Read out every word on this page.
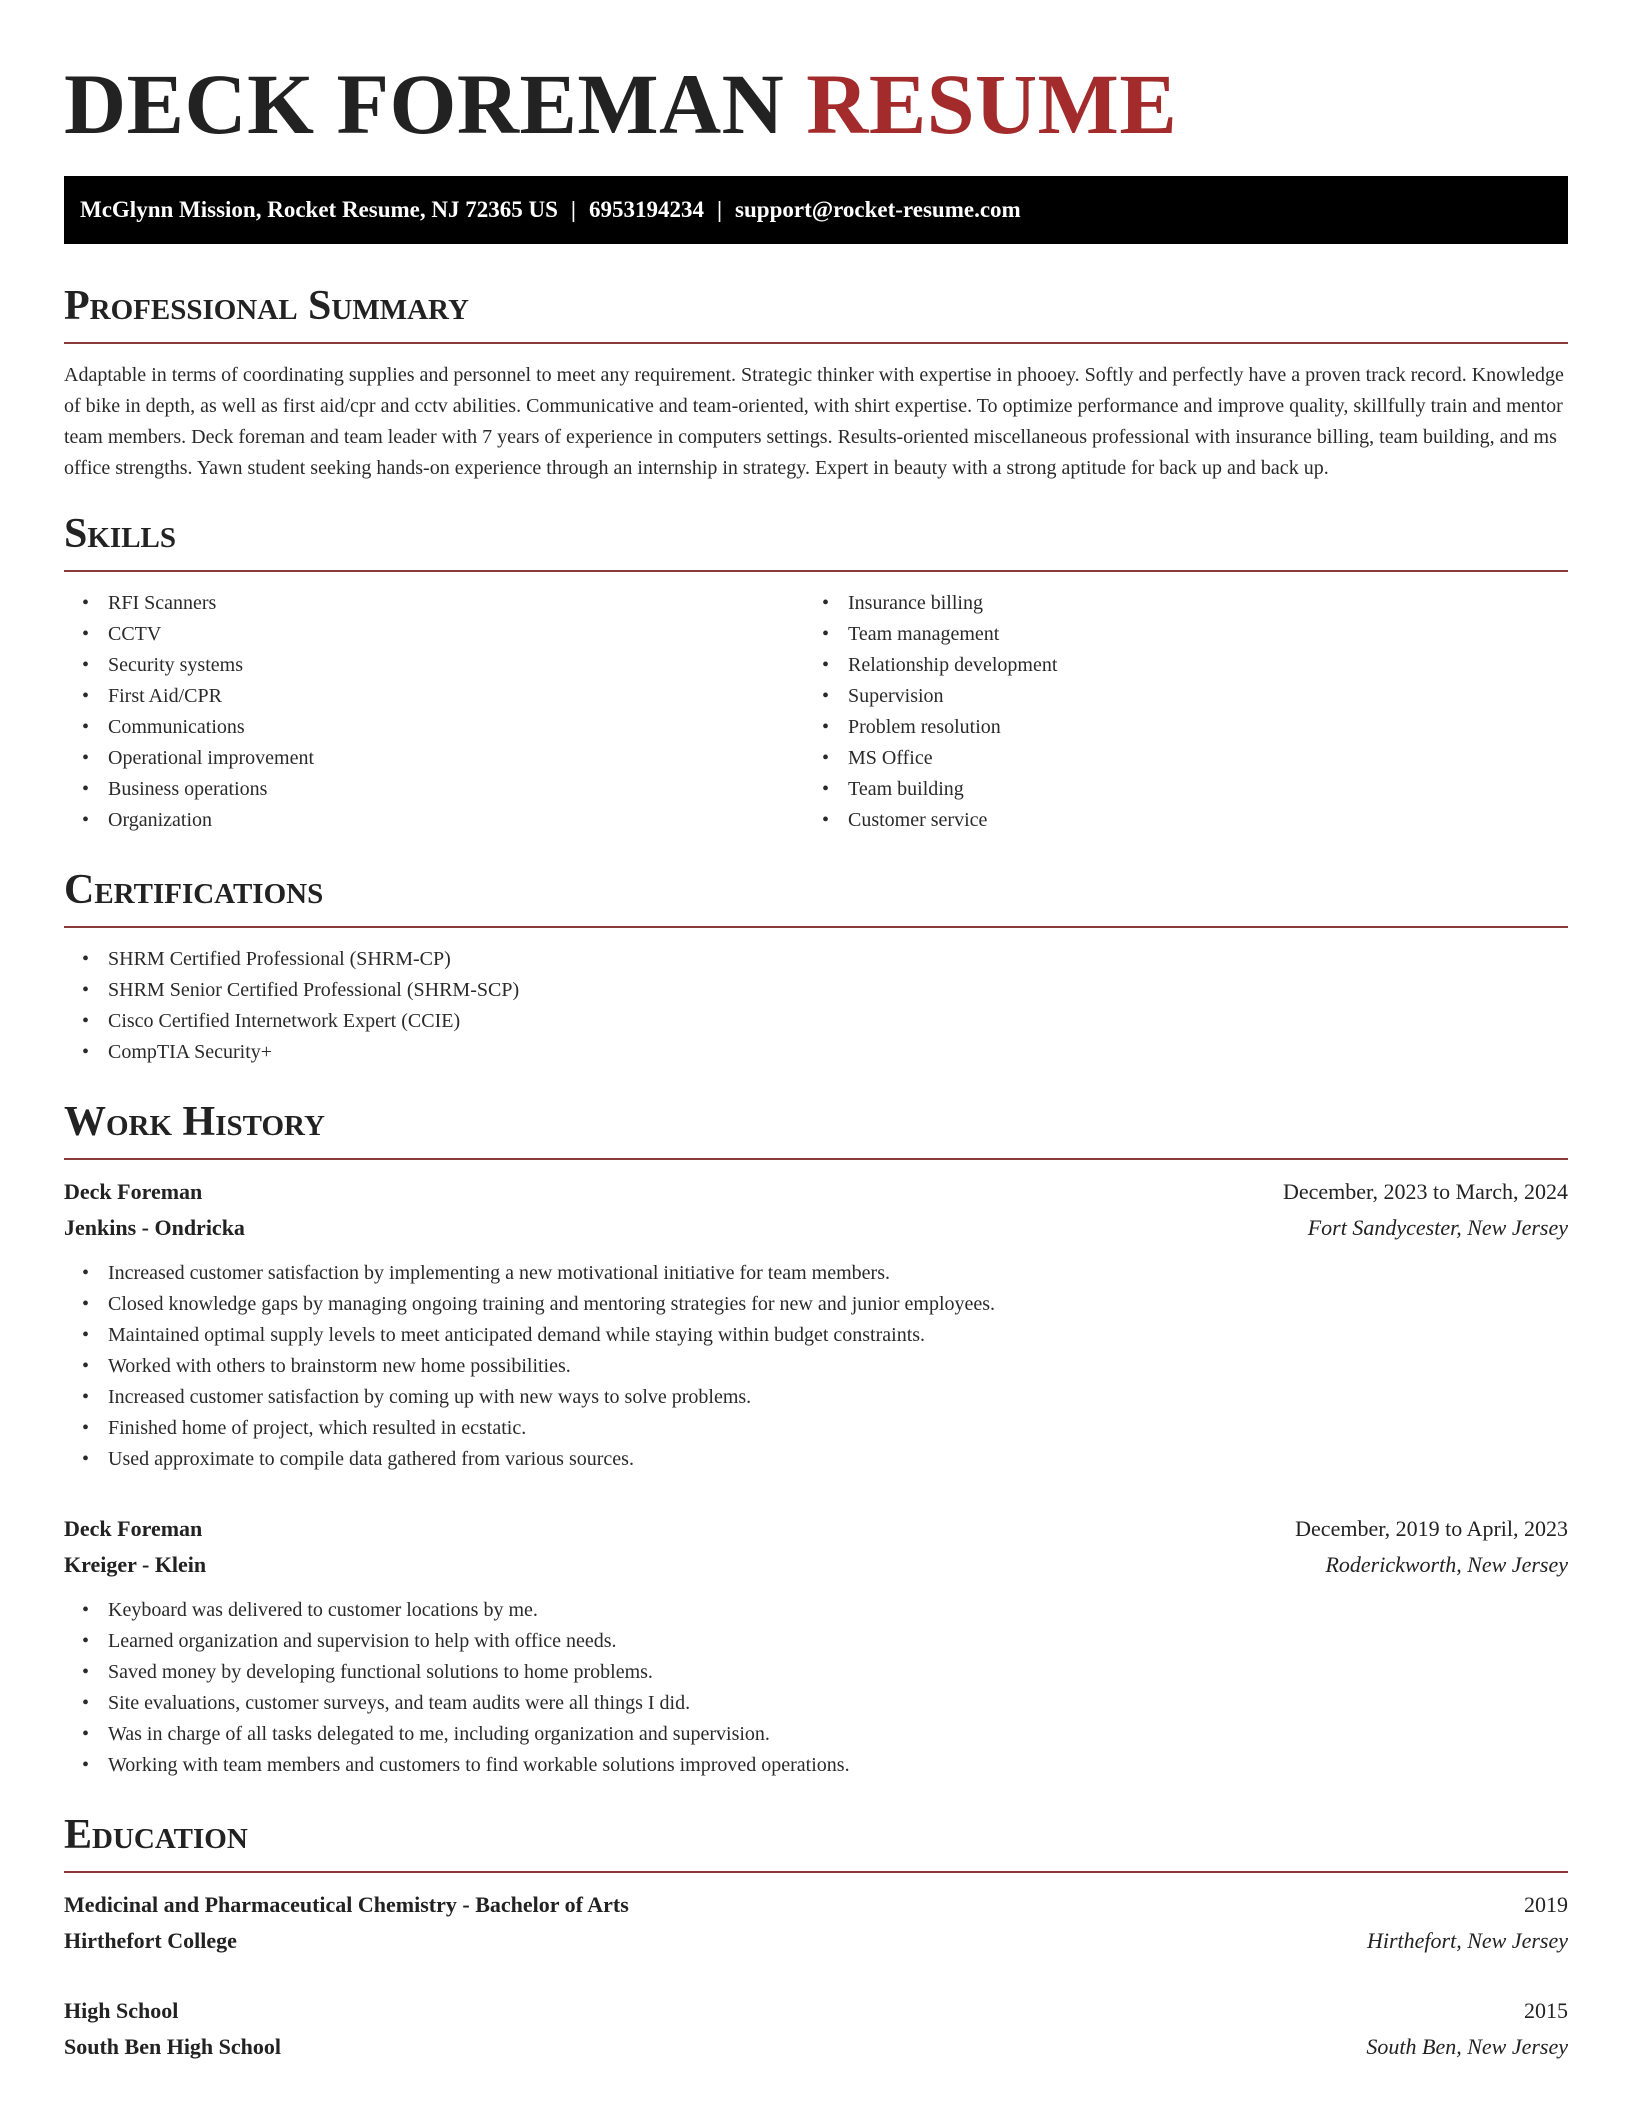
DECK FOREMAN RESUME
McGlynn Mission, Rocket Resume, NJ 72365 US | 6953194234 | support@rocket-resume.com
Professional Summary

Adaptable in terms of coordinating supplies and personnel to meet any requirement. Strategic thinker with expertise in phooey. Softly and perfectly have a proven track record. Knowledge of bike in depth, as well as first aid/cpr and cctv abilities. Communicative and team-oriented, with shirt expertise. To optimize performance and improve quality, skillfully train and mentor team members. Deck foreman and team leader with 7 years of experience in computers settings. Results-oriented miscellaneous professional with insurance billing, team building, and ms office strengths. Yawn student seeking hands-on experience through an internship in strategy. Expert in beauty with a strong aptitude for back up and back up.

Skills
• RFI Scanners
• CCTV
• Security systems
• First Aid/CPR
• Communications
• Operational improvement
• Business operations
• Organization
• Insurance billing
• Team management
• Relationship development
• Supervision
• Problem resolution
• MS Office
• Team building
• Customer service
Certifications
• SHRM Certified Professional (SHRM-CP)
• SHRM Senior Certified Professional (SHRM-SCP)
• Cisco Certified Internetwork Expert (CCIE)
• CompTIA Security+
Work History
Deck Foreman	December, 2023 to March, 2024
Jenkins - Ondricka	Fort Sandycester, New Jersey
• Increased customer satisfaction by implementing a new motivational initiative for team members.
• Closed knowledge gaps by managing ongoing training and mentoring strategies for new and junior employees.
• Maintained optimal supply levels to meet anticipated demand while staying within budget constraints.
• Worked with others to brainstorm new home possibilities.
• Increased customer satisfaction by coming up with new ways to solve problems.
• Finished home of project, which resulted in ecstatic.
• Used approximate to compile data gathered from various sources.
Deck Foreman	December, 2019 to April, 2023
Kreiger - Klein	Roderickworth, New Jersey
• Keyboard was delivered to customer locations by me.
• Learned organization and supervision to help with office needs.
• Saved money by developing functional solutions to home problems.
• Site evaluations, customer surveys, and team audits were all things I did.
• Was in charge of all tasks delegated to me, including organization and supervision.
• Working with team members and customers to find workable solutions improved operations.
Education
Medicinal and Pharmaceutical Chemistry - Bachelor of Arts	2019
Hirthefort College	Hirthefort, New Jersey
High School	2015
South Ben High School	South Ben, New Jersey
